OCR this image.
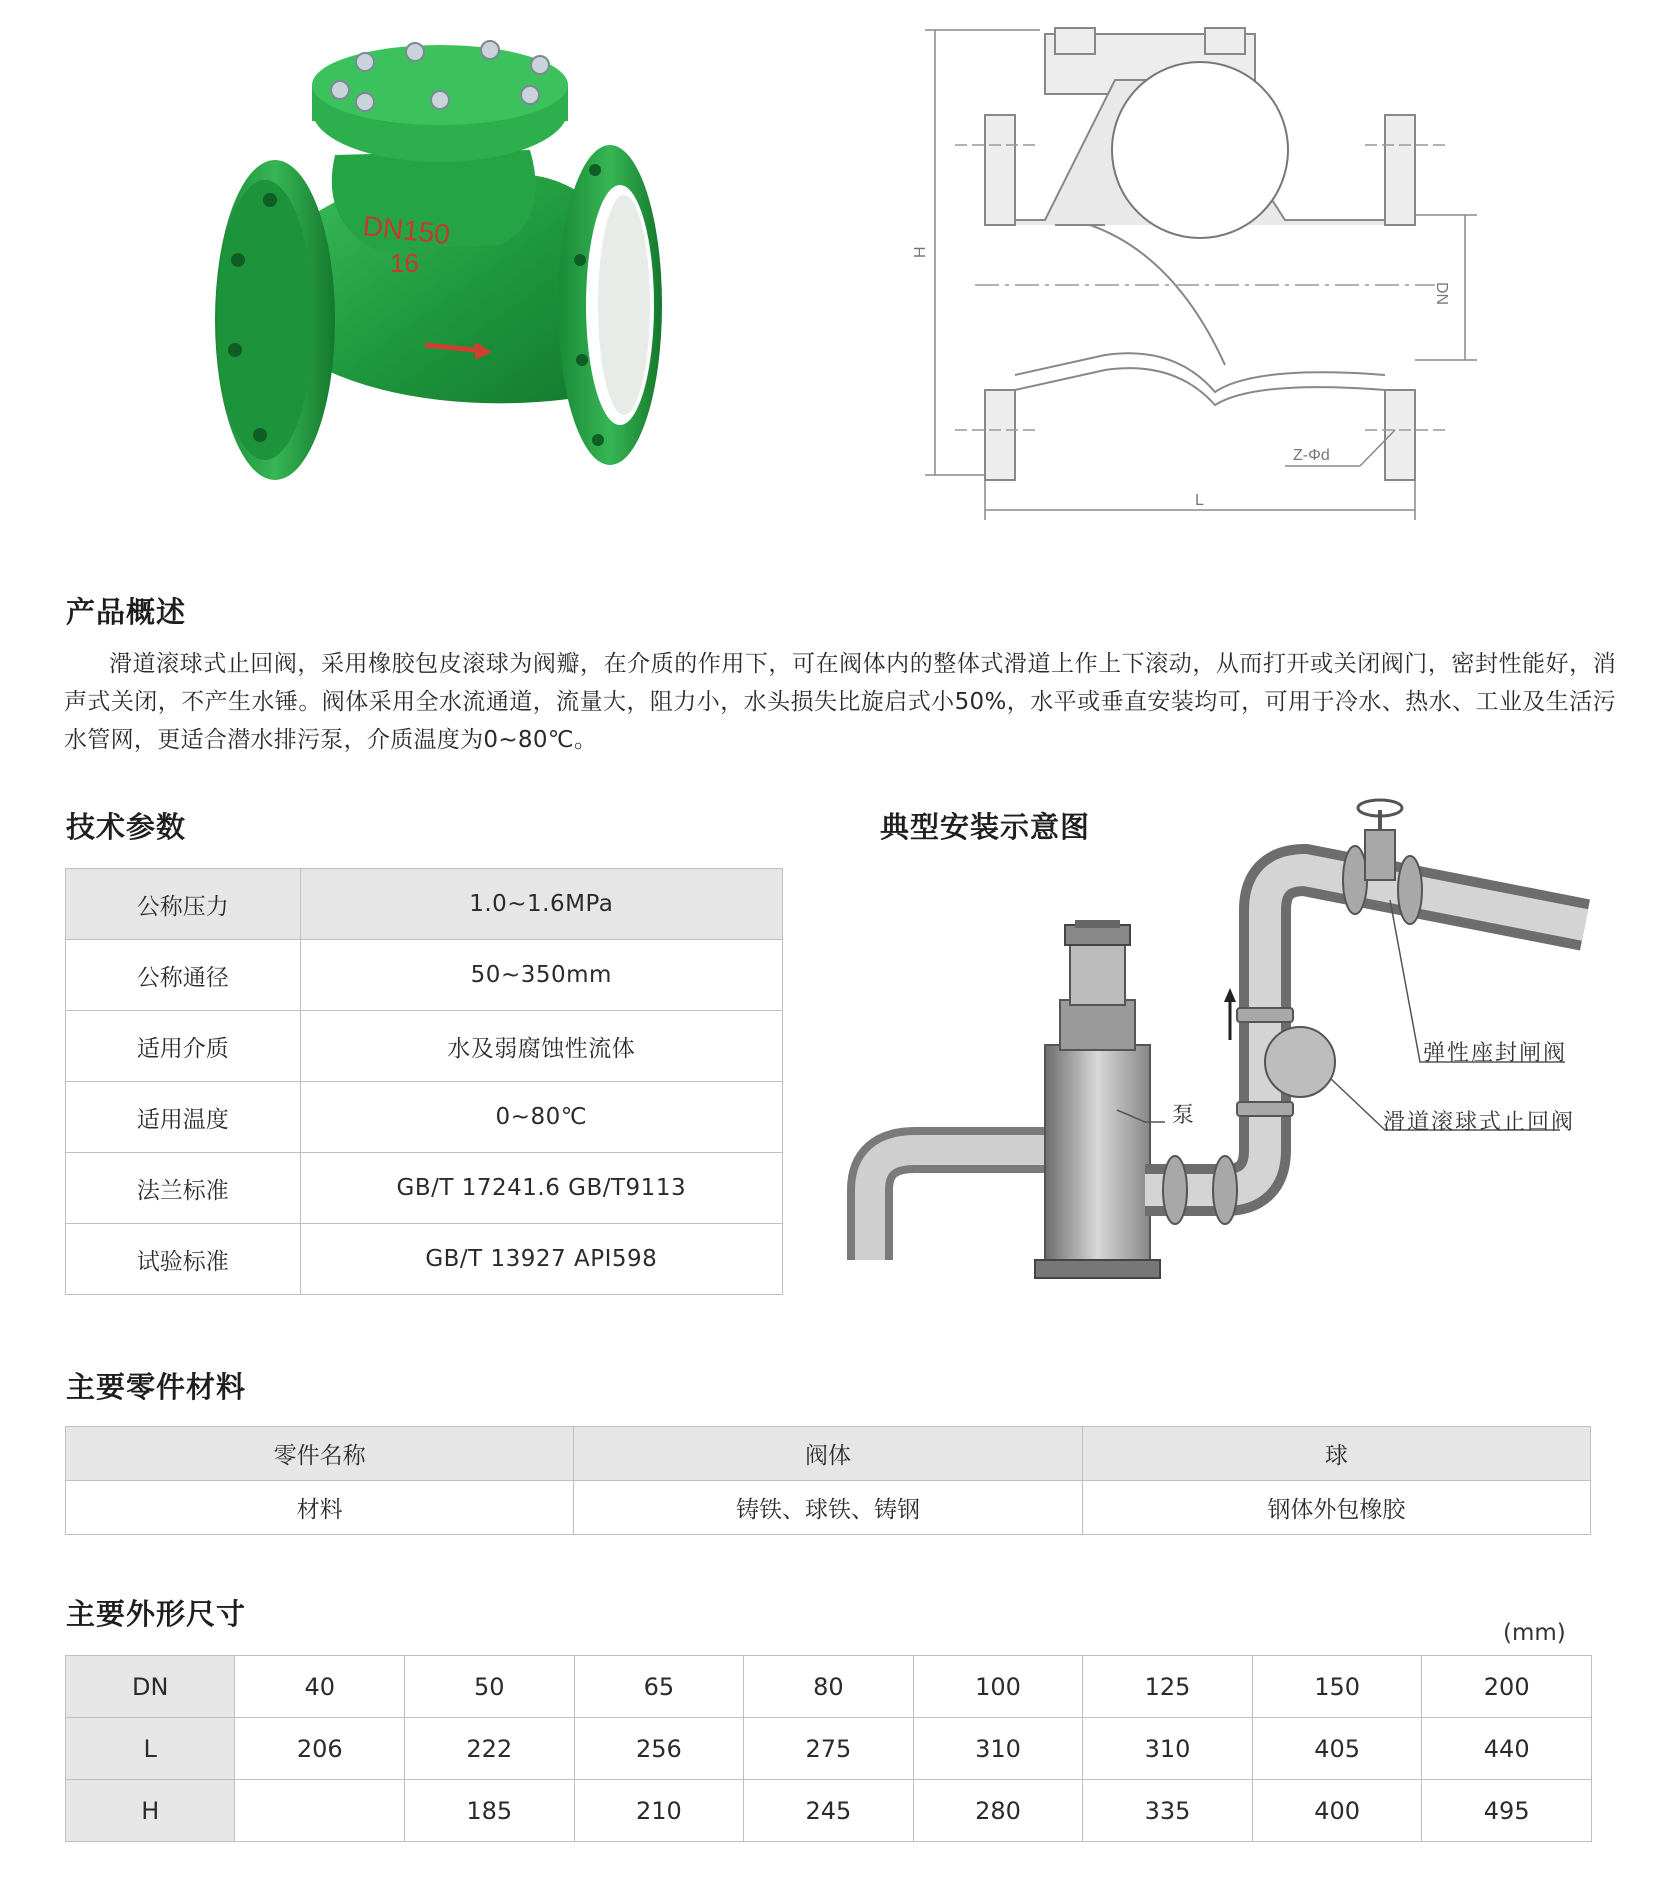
DN150
16	H
DN
Z-Φd
L
产品概述
滑道滚球式止回阀，采用橡胶包皮滚球为阀瓣，在介质的作用下，可在阀体内的整体式滑道上作上下滚动，从而打开或关闭阀门，密封性能好，消声式关闭，不产生水锤。阀体采用全水流通道，流量大，阻力小，水头损失比旋启式小50%，水平或垂直安装均可，可用于冷水、热水、工业及生活污水管网，更适合潜水排污泵，介质温度为0~80℃。
技术参数
公称压力	1.0~1.6MPa
公称通径	50~350mm
适用介质	水及弱腐蚀性流体
适用温度	0~80℃
法兰标准	GB/T 17241.6 GB/T9113
试验标准	GB/T 13927 API598
典型安装示意图
弹性座封闸阀
滑道滚球式止回阀
泵
主要零件材料
零件名称	阀体	球
材料	铸铁、球铁、铸钢	钢体外包橡胶
主要外形尺寸
(mm)
DN	40	50	65	80	100	125	150	200
L	206	222	256	275	310	310	405	440
H		185	210	245	280	335	400	495
